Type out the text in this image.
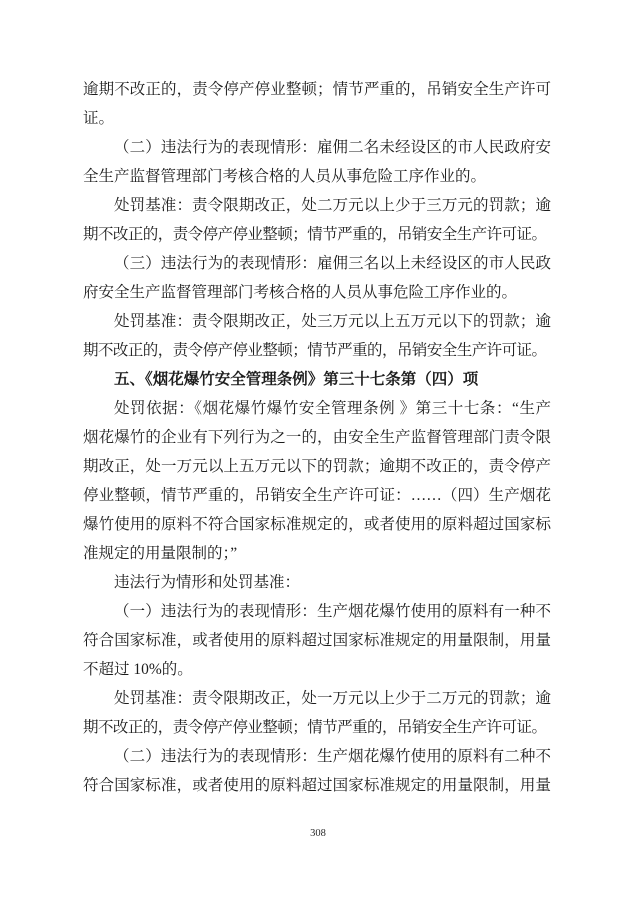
逾期不改正的，责令停产停业整顿；情节严重的，吊销安全生产许可
证。
（二）违法行为的表现情形：雇佣二名未经设区的市人民政府安
全生产监督管理部门考核合格的人员从事危险工序作业的。
处罚基准：责令限期改正，处二万元以上少于三万元的罚款；逾
期不改正的，责令停产停业整顿；情节严重的，吊销安全生产许可证。
（三）违法行为的表现情形：雇佣三名以上未经设区的市人民政
府安全生产监督管理部门考核合格的人员从事危险工序作业的。
处罚基准：责令限期改正，处三万元以上五万元以下的罚款；逾
期不改正的，责令停产停业整顿；情节严重的，吊销安全生产许可证。
五、《烟花爆竹安全管理条例》第三十七条第（四）项
处罚依据：《烟花爆竹爆竹安全管理条例 》第三十七条：“生产
烟花爆竹的企业有下列行为之一的，由安全生产监督管理部门责令限
期改正，处一万元以上五万元以下的罚款；逾期不改正的，责令停产
停业整顿，情节严重的，吊销安全生产许可证：……（四）生产烟花
爆竹使用的原料不符合国家标准规定的，或者使用的原料超过国家标
准规定的用量限制的；”
违法行为情形和处罚基准：
（一）违法行为的表现情形：生产烟花爆竹使用的原料有一种不
符合国家标准，或者使用的原料超过国家标准规定的用量限制，用量
不超过 10%的。
处罚基准：责令限期改正，处一万元以上少于二万元的罚款；逾
期不改正的，责令停产停业整顿；情节严重的，吊销安全生产许可证。
（二）违法行为的表现情形：生产烟花爆竹使用的原料有二种不
符合国家标准，或者使用的原料超过国家标准规定的用量限制，用量
308
